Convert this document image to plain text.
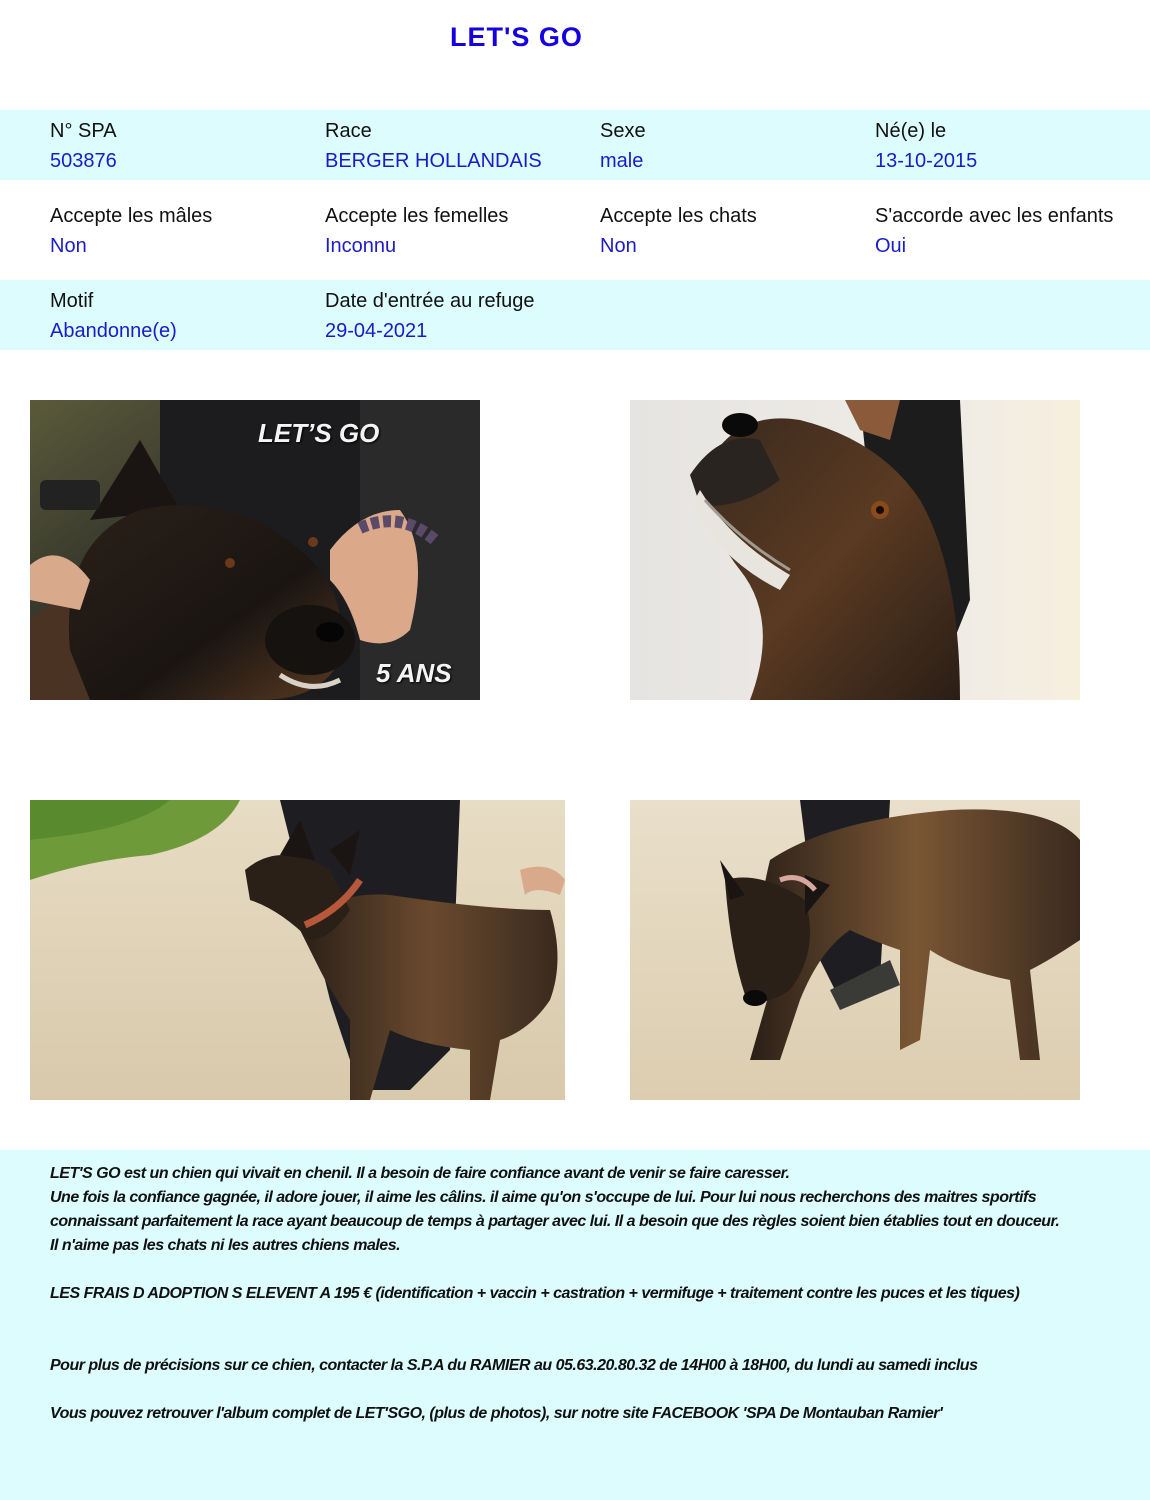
LET'S GO
N° SPA
503876
Race
BERGER HOLLANDAIS
Sexe
male
Né(e) le
13-10-2015
Accepte les mâles
Non
Accepte les femelles
Inconnu
Accepte les chats
Non
S'accorde avec les enfants
Oui
Motif
Abandonne(e)
Date d'entrée au refuge
29-04-2021
LET’S GO
5 ANS

LET'S GO est un chien qui vivait en chenil. Il a besoin de faire confiance avant de venir se faire caresser.

Une fois la confiance gagnée, il adore jouer, il aime les câlins. il aime qu'on s'occupe de lui. Pour lui nous recherchons des maitres sportifs connaissant parfaitement la race ayant beaucoup de temps à partager avec lui. Il a besoin que des règles soient bien établies tout en douceur.

Il n'aime pas les chats ni les autres chiens males.

LES FRAIS D ADOPTION S ELEVENT A 195 € (identification + vaccin + castration + vermifuge + traitement contre les puces et les tiques)

Pour plus de précisions sur ce chien, contacter la S.P.A du RAMIER au 05.63.20.80.32 de 14H00 à 18H00, du lundi au samedi inclus

Vous pouvez retrouver l'album complet de LET'SGO, (plus de photos), sur notre site FACEBOOK 'SPA De Montauban Ramier'
